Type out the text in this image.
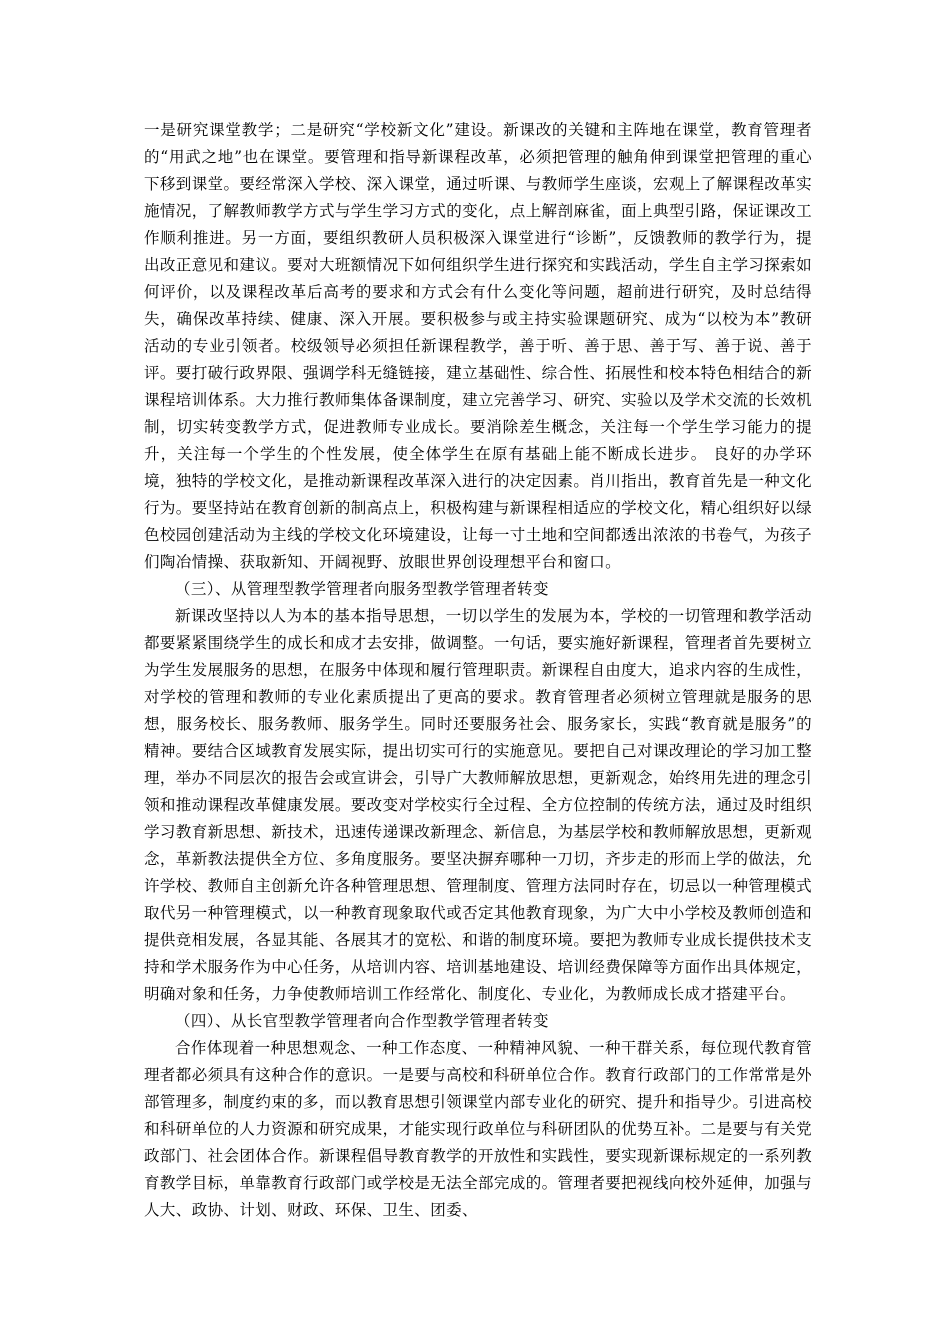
一是研究课堂教学；二是研究“学校新文化”建设。新课改的关键和主阵地在课堂，教育管理者的“用武之地”也在课堂。要管理和指导新课程改革，必须把管理的触角伸到课堂把管理的重心下移到课堂。要经常深入学校、深入课堂，通过听课、与教师学生座谈，宏观上了解课程改革实施情况，了解教师教学方式与学生学习方式的变化，点上解剖麻雀，面上典型引路，保证课改工作顺利推进。另一方面，要组织教研人员积极深入课堂进行“诊断”，反馈教师的教学行为，提出改正意见和建议。要对大班额情况下如何组织学生进行探究和实践活动，学生自主学习探索如何评价，以及课程改革后高考的要求和方式会有什么变化等问题，超前进行研究，及时总结得失，确保改革持续、健康、深入开展。要积极参与或主持实验课题研究、成为“以校为本”教研活动的专业引领者。校级领导必须担任新课程教学，善于听、善于思、善于写、善于说、善于评。要打破行政界限、强调学科无缝链接，建立基础性、综合性、拓展性和校本特色相结合的新课程培训体系。大力推行教师集体备课制度，建立完善学习、研究、实验以及学术交流的长效机制，切实转变教学方式，促进教师专业成长。要消除差生概念，关注每一个学生学习能力的提升，关注每一个学生的个性发展，使全体学生在原有基础上能不断成长进步。 良好的办学环境，独特的学校文化，是推动新课程改革深入进行的决定因素。肖川指出，教育首先是一种文化行为。要坚持站在教育创新的制高点上，积极构建与新课程相适应的学校文化，精心组织好以绿色校园创建活动为主线的学校文化环境建设，让每一寸土地和空间都透出浓浓的书卷气，为孩子们陶冶情操、获取新知、开阔视野、放眼世界创设理想平台和窗口。

（三）、从管理型教学管理者向服务型教学管理者转变

新课改坚持以人为本的基本指导思想，一切以学生的发展为本，学校的一切管理和教学活动都要紧紧围绕学生的成长和成才去安排，做调整。一句话，要实施好新课程，管理者首先要树立为学生发展服务的思想，在服务中体现和履行管理职责。新课程自由度大，追求内容的生成性，对学校的管理和教师的专业化素质提出了更高的要求。教育管理者必须树立管理就是服务的思想，服务校长、服务教师、服务学生。同时还要服务社会、服务家长，实践“教育就是服务”的精神。要结合区域教育发展实际，提出切实可行的实施意见。要把自己对课改理论的学习加工整理，举办不同层次的报告会或宣讲会，引导广大教师解放思想，更新观念，始终用先进的理念引领和推动课程改革健康发展。要改变对学校实行全过程、全方位控制的传统方法，通过及时组织学习教育新思想、新技术，迅速传递课改新理念、新信息，为基层学校和教师解放思想，更新观念，革新教法提供全方位、多角度服务。要坚决摒弃哪种一刀切，齐步走的形而上学的做法，允许学校、教师自主创新允许各种管理思想、管理制度、管理方法同时存在，切忌以一种管理模式取代另一种管理模式，以一种教育现象取代或否定其他教育现象，为广大中小学校及教师创造和提供竞相发展，各显其能、各展其才的宽松、和谐的制度环境。要把为教师专业成长提供技术支持和学术服务作为中心任务，从培训内容、培训基地建设、培训经费保障等方面作出具体规定，明确对象和任务，力争使教师培训工作经常化、制度化、专业化，为教师成长成才搭建平台。

（四）、从长官型教学管理者向合作型教学管理者转变

合作体现着一种思想观念、一种工作态度、一种精神风貌、一种干群关系，每位现代教育管理者都必须具有这种合作的意识。一是要与高校和科研单位合作。教育行政部门的工作常常是外部管理多，制度约束的多，而以教育思想引领课堂内部专业化的研究、提升和指导少。引进高校和科研单位的人力资源和研究成果，才能实现行政单位与科研团队的优势互补。二是要与有关党政部门、社会团体合作。新课程倡导教育教学的开放性和实践性，要实现新课标规定的一系列教育教学目标，单靠教育行政部门或学校是无法全部完成的。管理者要把视线向校外延伸，加强与人大、政协、计划、财政、环保、卫生、团委、
